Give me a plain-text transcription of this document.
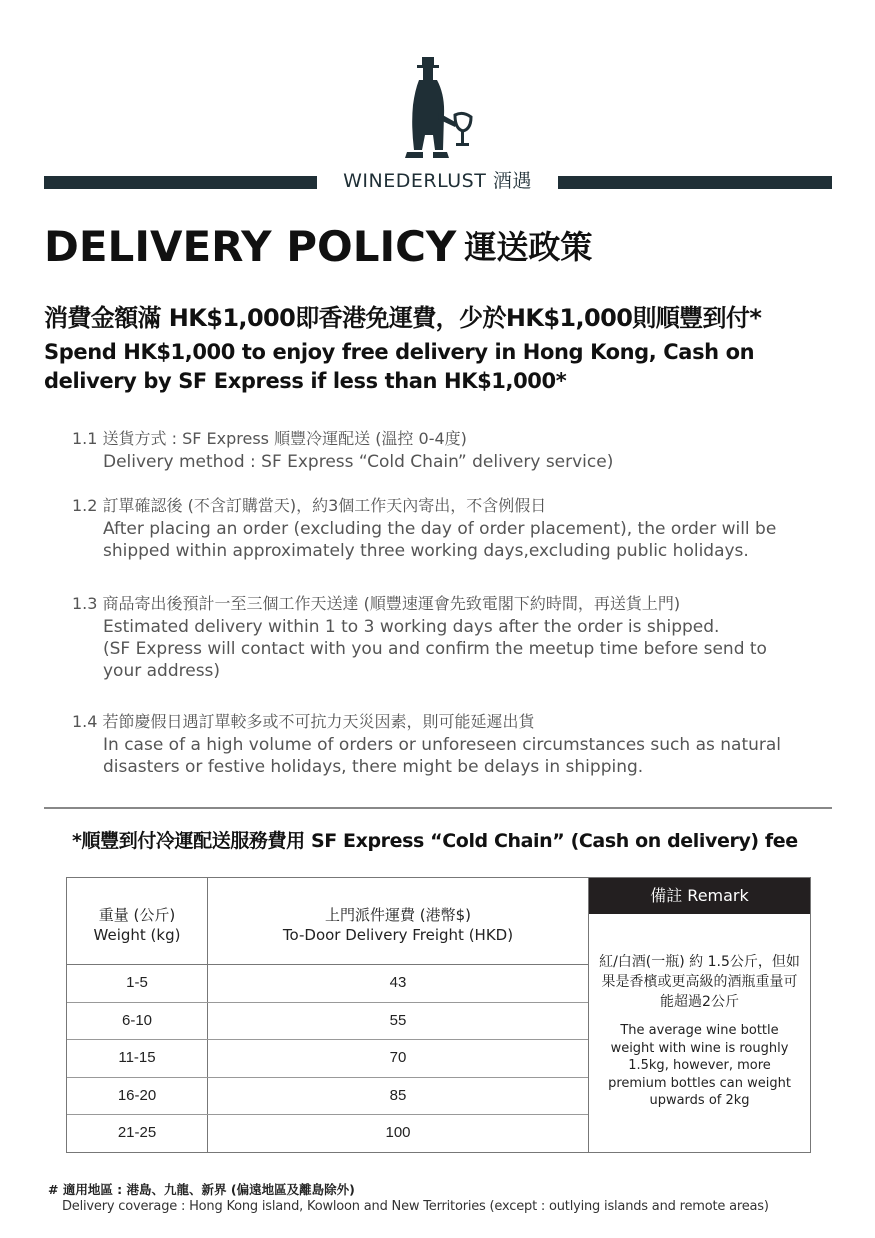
WINEDERLUST 酒遇
DELIVERY POLICY 運送政策
消費金額滿 HK$1,000即香港免運費，少於HK$1,000則順豐到付*
Spend HK$1,000 to enjoy free delivery in Hong Kong, Cash on delivery by SF Express if less than HK$1,000*
1.1 送貨方式 : SF Express 順豐冷運配送 (溫控 0-4度)
Delivery method : SF Express “Cold Chain” delivery service)
1.2 訂單確認後 (不含訂購當天)，約3個工作天內寄出，不含例假日
After placing an order (excluding the day of order placement), the order will be
shipped within approximately three working days,excluding public holidays.
1.3 商品寄出後預計一至三個工作天送達 (順豐速運會先致電閣下約時間，再送貨上門)
Estimated delivery within 1 to 3 working days after the order is shipped.
(SF Express will contact with you and confirm the meetup time before send to
your address)
1.4 若節慶假日遇訂單較多或不可抗力天災因素，則可能延遲出貨
In case of a high volume of orders or unforeseen circumstances such as natural
disasters or festive holidays, there might be delays in shipping.
*順豐到付冷運配送服務費用 SF Express “Cold Chain” (Cash on delivery) fee
重量 (公斤)
Weight (kg)
上門派件運費 (港幣$)
To-Door Delivery Freight (HKD)
1-5	43
6-10	55
11-15	70
16-20	85
21-25	100
備註 Remark
紅/白酒(一瓶) 約 1.5公斤，但如果是香檳或更高級的酒瓶重量可能超過2公斤
The average wine bottle weight with wine is roughly 1.5kg, however, more premium bottles can weight upwards of 2kg
# 適用地區 : 港島、九龍、新界 (偏遠地區及離島除外)
Delivery coverage : Hong Kong island, Kowloon and New Territories (except : outlying islands and remote areas)
